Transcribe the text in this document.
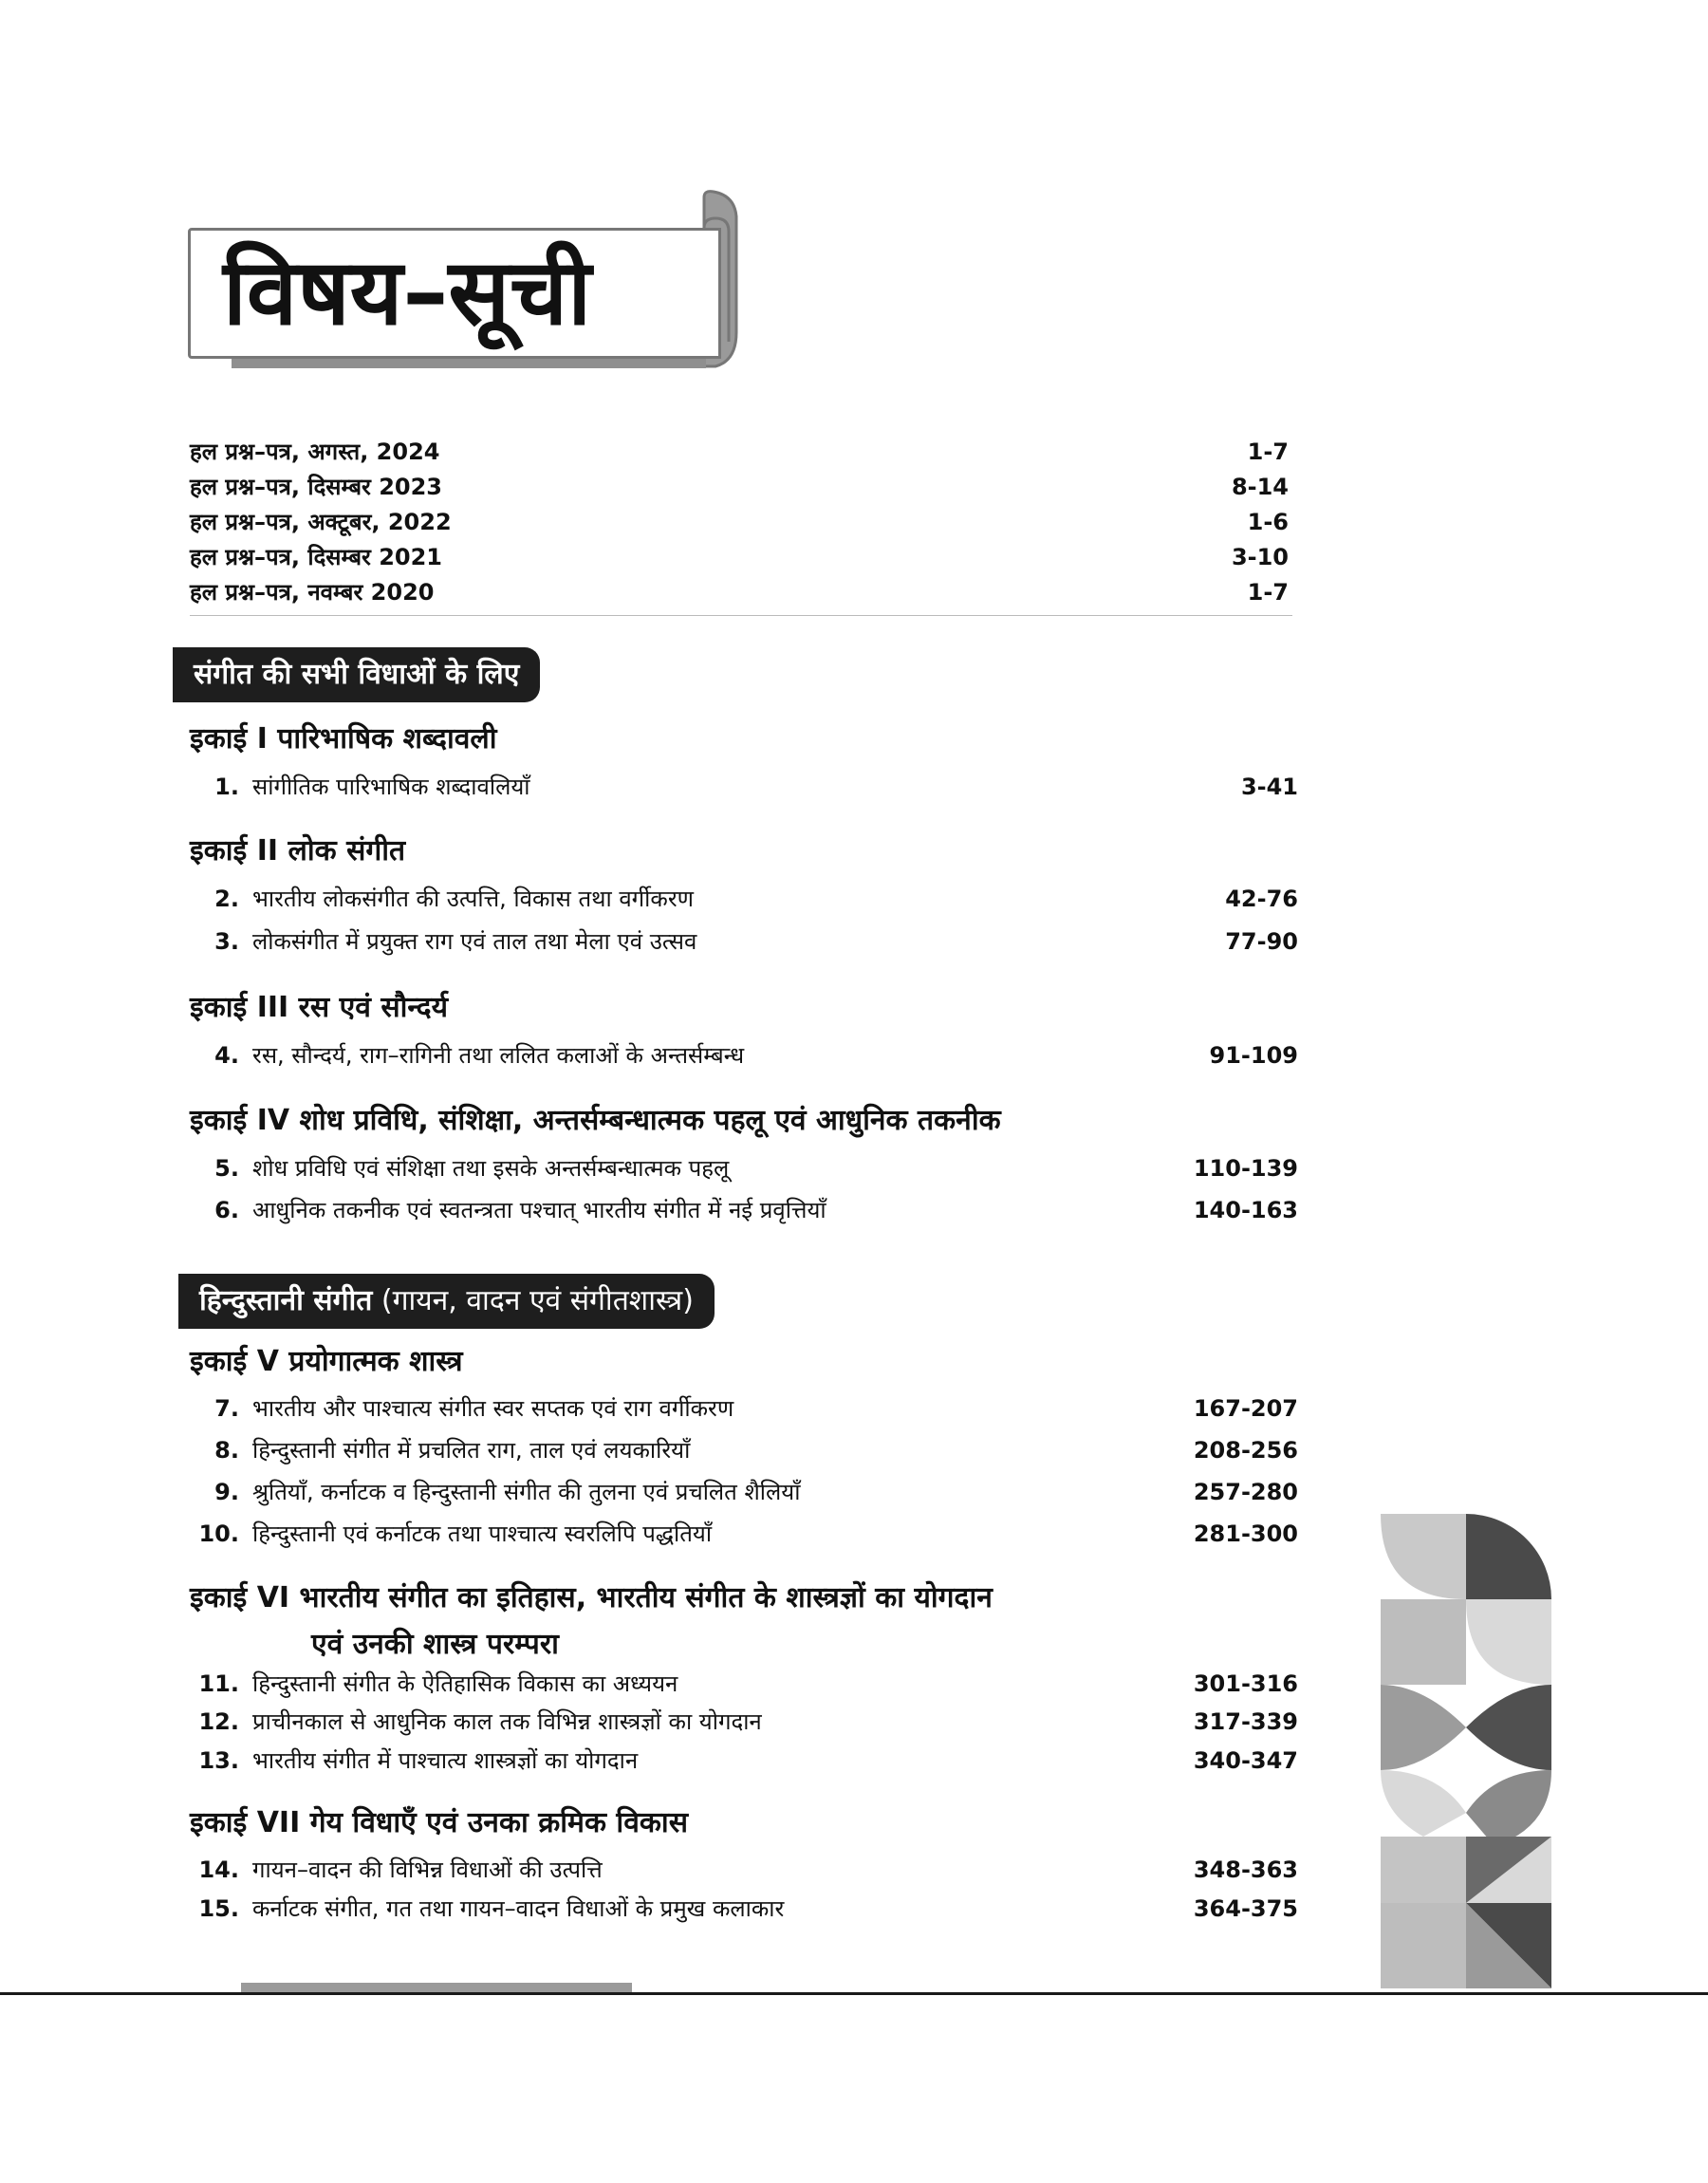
विषय–सूची
हल प्रश्न–पत्र, अगस्त, 2024	1-7
हल प्रश्न–पत्र, दिसम्बर 2023	8-14
हल प्रश्न–पत्र, अक्टूबर, 2022	1-6
हल प्रश्न–पत्र, दिसम्बर 2021	3-10
हल प्रश्न–पत्र, नवम्बर 2020	1-7
संगीत की सभी विधाओं के लिए
इकाई I पारिभाषिक शब्दावली
1. सांगीतिक पारिभाषिक शब्दावलियाँ	3-41
इकाई II लोक संगीत
2. भारतीय लोकसंगीत की उत्पत्ति, विकास तथा वर्गीकरण	42-76
3. लोकसंगीत में प्रयुक्त राग एवं ताल तथा मेला एवं उत्सव	77-90
इकाई III रस एवं सौन्दर्य
4. रस, सौन्दर्य, राग–रागिनी तथा ललित कलाओं के अन्तर्सम्बन्ध	91-109
इकाई IV शोध प्रविधि, संशिक्षा, अन्तर्सम्बन्धात्मक पहलू एवं आधुनिक तकनीक
5. शोध प्रविधि एवं संशिक्षा तथा इसके अन्तर्सम्बन्धात्मक पहलू	110-139
6. आधुनिक तकनीक एवं स्वतन्त्रता पश्चात् भारतीय संगीत में नई प्रवृत्तियाँ	140-163
हिन्दुस्तानी संगीत (गायन, वादन एवं संगीतशास्त्र)
इकाई V प्रयोगात्मक शास्त्र
7. भारतीय और पाश्चात्य संगीत स्वर सप्तक एवं राग वर्गीकरण	167-207
8. हिन्दुस्तानी संगीत में प्रचलित राग, ताल एवं लयकारियाँ	208-256
9. श्रुतियाँ, कर्नाटक व हिन्दुस्तानी संगीत की तुलना एवं प्रचलित शैलियाँ	257-280
10. हिन्दुस्तानी एवं कर्नाटक तथा पाश्चात्य स्वरलिपि पद्धतियाँ	281-300
इकाई VI भारतीय संगीत का इतिहास, भारतीय संगीत के शास्त्रज्ञों का योगदान
एवं उनकी शास्त्र परम्परा
11. हिन्दुस्तानी संगीत के ऐतिहासिक विकास का अध्ययन	301-316
12. प्राचीनकाल से आधुनिक काल तक विभिन्न शास्त्रज्ञों का योगदान	317-339
13. भारतीय संगीत में पाश्चात्य शास्त्रज्ञों का योगदान	340-347
इकाई VII गेय विधाएँ एवं उनका क्रमिक विकास
14. गायन–वादन की विभिन्न विधाओं की उत्पत्ति	348-363
15. कर्नाटक संगीत, गत तथा गायन–वादन विधाओं के प्रमुख कलाकार	364-375
